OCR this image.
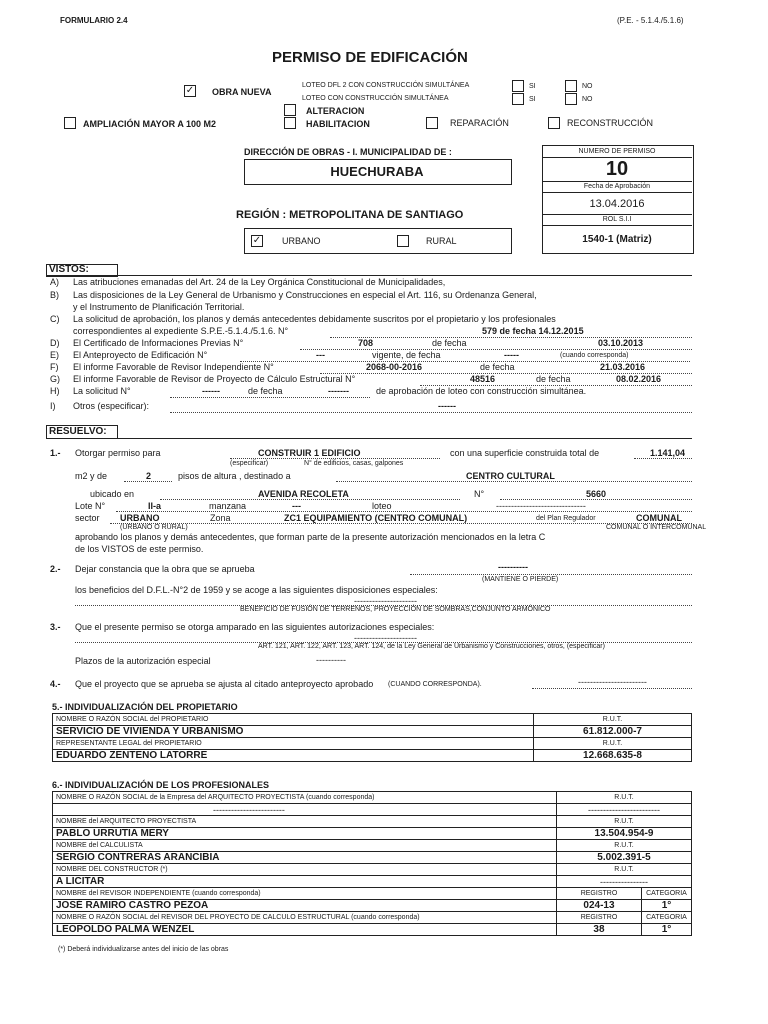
FORMULARIO 2.4	(P.E. - 5.1.4./5.1.6)
PERMISO DE EDIFICACIÓN
✓ OBRA NUEVA
LOTEO DFL 2 CON CONSTRUCCIÓN SIMULTÁNEA
LOTEO CON CONSTRUCCIÓN SIMULTÁNEA
SI	NO
SI	NO
ALTERACION
AMPLIACIÓN MAYOR A 100 M2	HABILITACION	REPARACIÓN	RECONSTRUCCIÓN
DIRECCIÓN DE OBRAS - I. MUNICIPALIDAD DE :
HUECHURABA
REGIÓN : METROPOLITANA DE SANTIAGO
✓ URBANO	RURAL
NUMERO DE PERMISO
10
Fecha de Aprobación
13.04.2016
ROL S.I.I
1540-1 (Matriz)
VISTOS:
A) Las atribuciones emanadas del Art. 24 de la Ley Orgánica Constitucional de Municipalidades,
B) Las disposiciones de la Ley General de Urbanismo y Construcciones en especial el Art. 116, su Ordenanza General,
y el Instrumento de Planificación Territorial.
C) La solicitud de aprobación, los planos y demás antecedentes debidamente suscritos por el propietario y los profesionales
correspondientes al expediente S.P.E.-5.1.4./5.1.6. N°	579 de fecha 14.12.2015
D) El Certificado de Informaciones Previas N°	708	de fecha	03.10.2013
E) El Anteproyecto de Edificación N°	---	vigente, de fecha	-----	(cuando corresponda)
F) El informe Favorable de Revisor Independiente N°	2068-00-2016	de fecha	21.03.2016
G) El informe Favorable de Revisor de Proyecto de Cálculo Estructural N°	48516	de fecha	08.02.2016
H) La solicitud N°	------	de fecha	-------	de aprobación de loteo con construcción simultánea.
I) Otros (especificar):	------
RESUELVO:
1.- Otorgar permiso para	CONSTRUIR 1 EDIFICIO
(especificar)	N° de edificios, casas, galpones
con una superficie construida total de	1.141,04
m2 y de	2	pisos de altura , destinado a	CENTRO CULTURAL
ubicado en	AVENIDA RECOLETA	N°	5660
Lote N°	II-a	manzana	---	loteo	------------------------------
sector URBANO
(URBANO O RURAL)
Zona	ZC1 EQUIPAMIENTO (CENTRO COMUNAL)	del Plan Regulador	COMUNAL
COMUNAL O INTERCOMUNAL
aprobando los planos y demás antecedentes, que forman parte de la presente autorización mencionados en la letra C
de los VISTOS de este permiso.
2.- Dejar constancia que la obra que se aprueba	----------
(MANTIENE O PIERDE)
los beneficios del D.F.L.-N°2 de 1959 y se acoge a las siguientes disposiciones especiales:
---------------------
BENEFICIO DE FUSIÓN DE TERRENOS, PROYECCIÓN DE SOMBRAS,CONJUNTO ARMÓNICO
3.- Que el presente permiso se otorga amparado en las siguientes autorizaciones especiales:
---------------------
ART. 121, ART. 122, ART. 123, ART. 124, de la Ley General de Urbanismo y Construcciones, otros, (especificar)
Plazos de la autorización especial	----------
4.- Que el proyecto que se aprueba se ajusta al citado anteproyecto aprobado (CUANDO CORRESPONDA).	-----------------------
5.- INDIVIDUALIZACIÓN DEL PROPIETARIO
NOMBRE O RAZÓN SOCIAL del PROPIETARIO	R.U.T.
SERVICIO DE VIVIENDA Y URBANISMO	61.812.000-7
REPRESENTANTE LEGAL del PROPIETARIO	R.U.T.
EDUARDO ZENTENO LATORRE	12.668.635-8
6.- INDIVIDUALIZACIÓN DE LOS PROFESIONALES
NOMBRE O RAZÓN SOCIAL de la Empresa del ARQUITECTO PROYECTISTA (cuando corresponda)	R.U.T.	
------------------------	------------------------	
NOMBRE del ARQUITECTO PROYECTISTA	R.U.T.	
PABLO URRUTIA MERY	13.504.954-9	
NOMBRE del CALCULISTA	R.U.T.	
SERGIO CONTRERAS ARANCIBIA	5.002.391-5	
NOMBRE DEL CONSTRUCTOR (*)	R.U.T.	
A LICITAR	----------------	
NOMBRE del REVISOR INDEPENDIENTE (cuando corresponda)	REGISTRO	CATEGORIA
JOSÉ RAMIRO CASTRO PEZOA	024-13	1°
NOMBRE O RAZÓN SOCIAL del REVISOR DEL PROYECTO DE CALCULO ESTRUCTURAL (cuando corresponda)	REGISTRO	CATEGORIA
LEOPOLDO PALMA WENZEL	38	1°
(*) Deberá individualizarse antes del inicio de las obras
